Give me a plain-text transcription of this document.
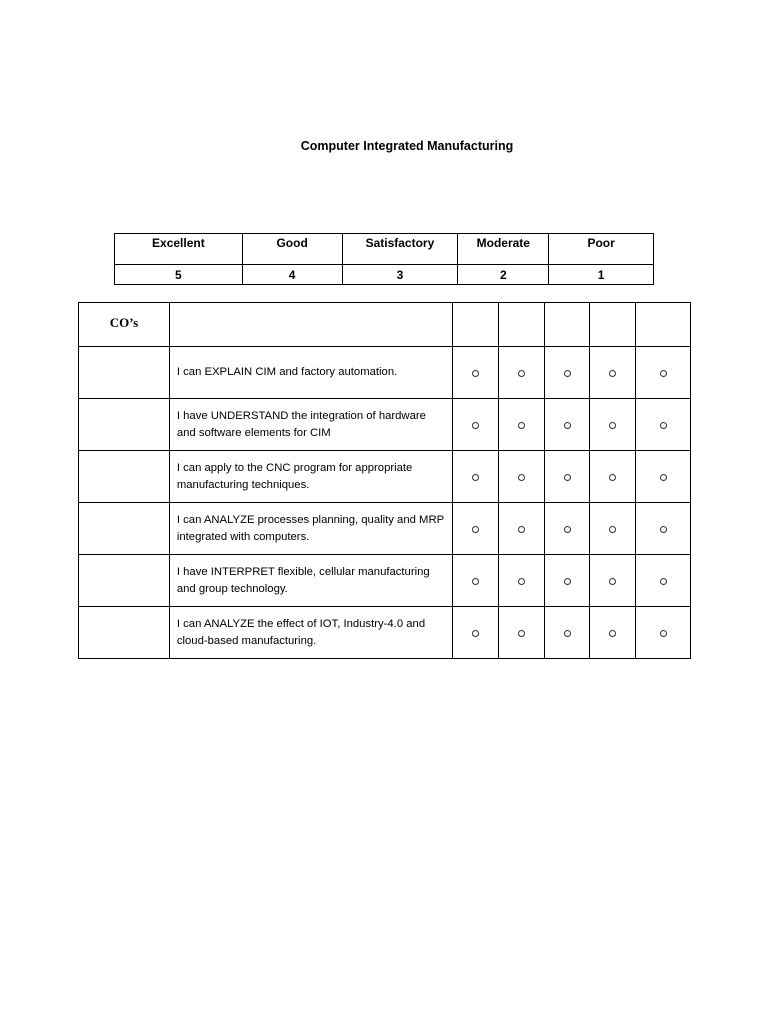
Computer Integrated Manufacturing
Excellent	Good	Satisfactory	Moderate	Poor
5	4	3	2	1
CO’s						
	I can EXPLAIN CIM and factory automation.					
	I have UNDERSTAND the integration of hardware and software elements for CIM					
	I can apply to the CNC program for appropriate manufacturing techniques.					
	I can ANALYZE processes planning, quality and MRP integrated with computers.					
	I have INTERPRET flexible, cellular manufacturing and group technology.					
	I can ANALYZE the effect of IOT, Industry-4.0 and cloud-based manufacturing.					
